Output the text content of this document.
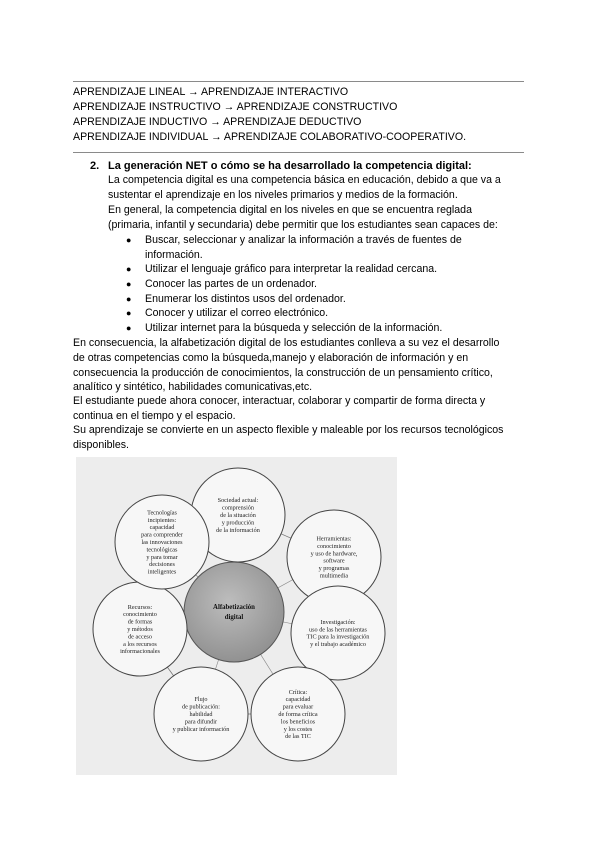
APRENDIZAJE LINEAL → APRENDIZAJE INTERACTIVO
APRENDIZAJE INSTRUCTIVO → APRENDIZAJE CONSTRUCTIVO
APRENDIZAJE INDUCTIVO → APRENDIZAJE DEDUCTIVO
APRENDIZAJE INDIVIDUAL → APRENDIZAJE COLABORATIVO-COOPERATIVO.
2. La generación NET o cómo se ha desarrollado la competencia digital:
La competencia digital es una competencia básica en educación, debido a que va a
sustentar el aprendizaje en los niveles primarios y medios de la formación.
En general, la competencia digital en los niveles en que se encuentra reglada
(primaria, infantil y secundaria) debe permitir que los estudiantes sean capaces de:
● Buscar, seleccionar y analizar la información a través de fuentes de
información.
● Utilizar el lenguaje gráfico para interpretar la realidad cercana.
● Conocer las partes de un ordenador.
● Enumerar los distintos usos del ordenador.
● Conocer y utilizar el correo electrónico.
● Utilizar internet para la búsqueda y selección de la información.
En consecuencia, la alfabetización digital de los estudiantes conlleva a su vez el desarrollo
de otras competencias como la búsqueda,manejo y elaboración de información y en
consecuencia la producción de conocimientos, la construcción de un pensamiento crítico,
analítico y sintético, habilidades comunicativas,etc.
El estudiante puede ahora conocer, interactuar, colaborar y compartir de forma directa y
continua en el tiempo y el espacio.
Su aprendizaje se convierte en un aspecto flexible y maleable por los recursos tecnológicos
disponibles.
Alfabetización
digital
Sociedad actual:
comprensión
de la situación
y producción
de la información
Herramientas:
conocimiento
y uso de hardware,
software
y programas
multimedia
Investigación:
uso de las herramientas
TIC para la investigación
y el trabajo académico
Crítica:
capacidad
para evaluar
de forma crítica
los beneficios
y los costes
de las TIC
Flujo
de publicación:
habilidad
para difundir
y publicar información
Recursos:
conocimiento
de formas
y métodos
de acceso
a los recursos
informacionales
Tecnologías
incipientes:
capacidad
para comprender
las innovaciones
tecnológicas
y para tomar
decisiones
inteligentes
